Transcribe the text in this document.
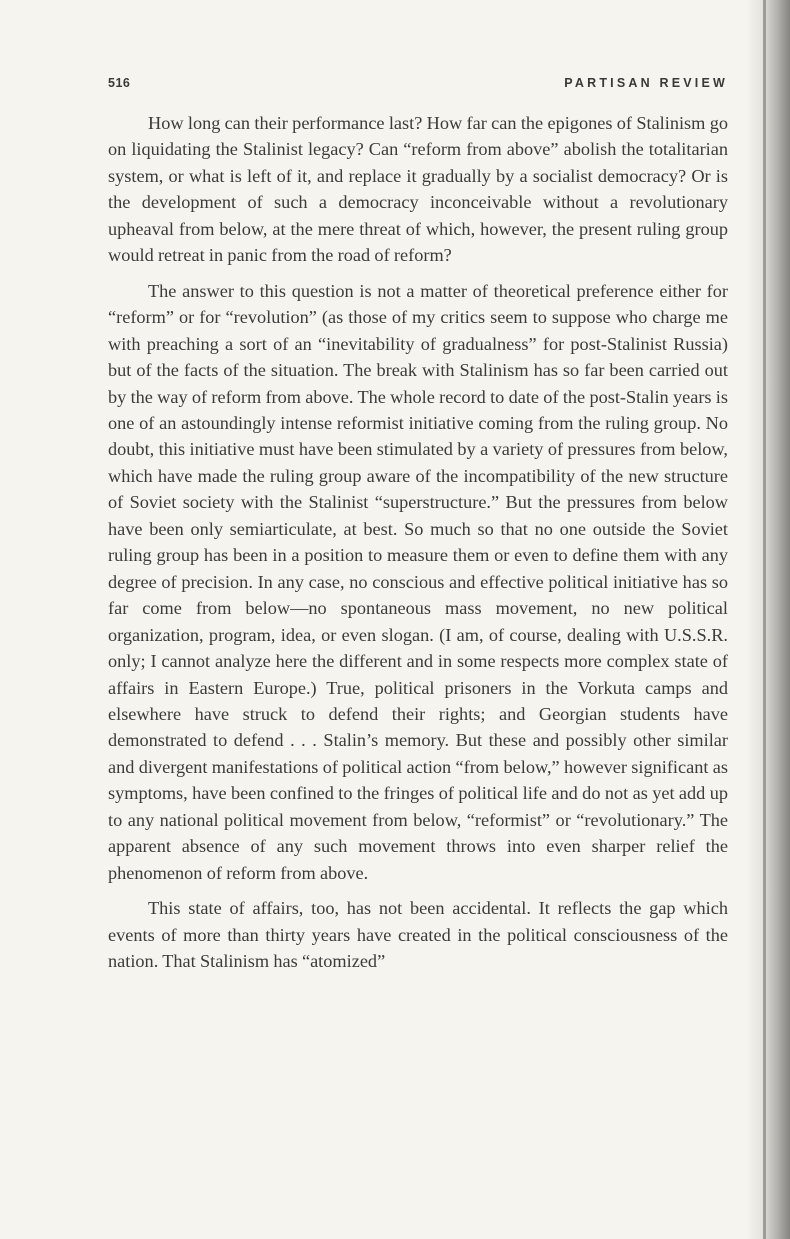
516	PARTISAN REVIEW

How long can their performance last? How far can the epigones of Stalinism go on liquidating the Stalinist legacy? Can “reform from above” abolish the totalitarian system, or what is left of it, and replace it gradually by a socialist democracy? Or is the development of such a democracy inconceivable without a revolutionary upheaval from below, at the mere threat of which, however, the present ruling group would retreat in panic from the road of reform?

The answer to this question is not a matter of theoretical preference either for “reform” or for “revolution” (as those of my critics seem to suppose who charge me with preaching a sort of an “inevitability of gradualness” for post-Stalinist Russia) but of the facts of the situation. The break with Stalinism has so far been carried out by the way of reform from above. The whole record to date of the post-Stalin years is one of an astoundingly intense reformist initiative coming from the ruling group. No doubt, this initiative must have been stimulated by a variety of pressures from below, which have made the ruling group aware of the incompatibility of the new structure of Soviet society with the Stalinist “superstructure.” But the pressures from below have been only semiarticulate, at best. So much so that no one outside the Soviet ruling group has been in a position to measure them or even to define them with any degree of precision. In any case, no conscious and effective political initiative has so far come from below—no spontaneous mass movement, no new political organization, program, idea, or even slogan. (I am, of course, dealing with U.S.S.R. only; I cannot analyze here the different and in some respects more complex state of affairs in Eastern Europe.) True, political prisoners in the Vorkuta camps and elsewhere have struck to defend their rights; and Georgian students have demonstrated to defend . . . Stalin’s memory. But these and possibly other similar and divergent manifestations of political action “from below,” however significant as symptoms, have been confined to the fringes of political life and do not as yet add up to any national political movement from below, “reformist” or “revolutionary.” The apparent absence of any such movement throws into even sharper relief the phenomenon of reform from above.

This state of affairs, too, has not been accidental. It reflects the gap which events of more than thirty years have created in the political consciousness of the nation. That Stalinism has “atomized”
